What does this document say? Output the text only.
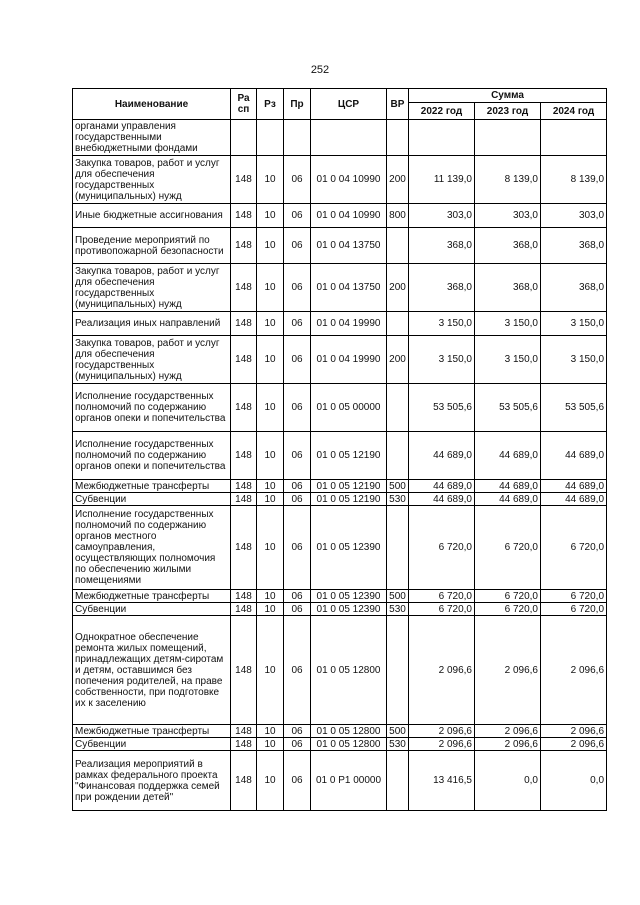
252
Наименование	Ра сп	Рз	Пр	ЦСР	ВР	Сумма		
						2022 год	2023 год	2024 год
органами управления государственными внебюджетными фондами								
Закупка товаров, работ и услуг для обеспечения государственных (муниципальных) нужд	148	10	06	01 0 04 10990	200	11 139,0	8 139,0	8 139,0
Иные бюджетные ассигнования	148	10	06	01 0 04 10990	800	303,0	303,0	303,0
Проведение мероприятий по противопожарной безопасности	148	10	06	01 0 04 13750		368,0	368,0	368,0
Закупка товаров, работ и услуг для обеспечения государственных (муниципальных) нужд	148	10	06	01 0 04 13750	200	368,0	368,0	368,0
Реализация иных направлений	148	10	06	01 0 04 19990		3 150,0	3 150,0	3 150,0
Закупка товаров, работ и услуг для обеспечения государственных (муниципальных) нужд	148	10	06	01 0 04 19990	200	3 150,0	3 150,0	3 150,0
Исполнение государственных полномочий по содержанию органов опеки и попечительства	148	10	06	01 0 05 00000		53 505,6	53 505,6	53 505,6
Исполнение государственных полномочий по содержанию органов опеки и попечительства	148	10	06	01 0 05 12190		44 689,0	44 689,0	44 689,0
Межбюджетные трансферты	148	10	06	01 0 05 12190	500	44 689,0	44 689,0	44 689,0
Субвенции	148	10	06	01 0 05 12190	530	44 689,0	44 689,0	44 689,0
Исполнение государственных полномочий по содержанию органов местного самоуправления, осуществляющих полномочия по обеспечению жилыми помещениями	148	10	06	01 0 05 12390		6 720,0	6 720,0	6 720,0
Межбюджетные трансферты	148	10	06	01 0 05 12390	500	6 720,0	6 720,0	6 720,0
Субвенции	148	10	06	01 0 05 12390	530	6 720,0	6 720,0	6 720,0
Однократное обеспечение ремонта жилых помещений, принадлежащих детям-сиротам и детям, оставшимся без попечения родителей, на праве собственности, при подготовке их к заселению	148	10	06	01 0 05 12800		2 096,6	2 096,6	2 096,6
Межбюджетные трансферты	148	10	06	01 0 05 12800	500	2 096,6	2 096,6	2 096,6
Субвенции	148	10	06	01 0 05 12800	530	2 096,6	2 096,6	2 096,6
Реализация мероприятий в рамках федерального проекта "Финансовая поддержка семей при рождении детей"	148	10	06	01 0 P1 00000		13 416,5	0,0	0,0
